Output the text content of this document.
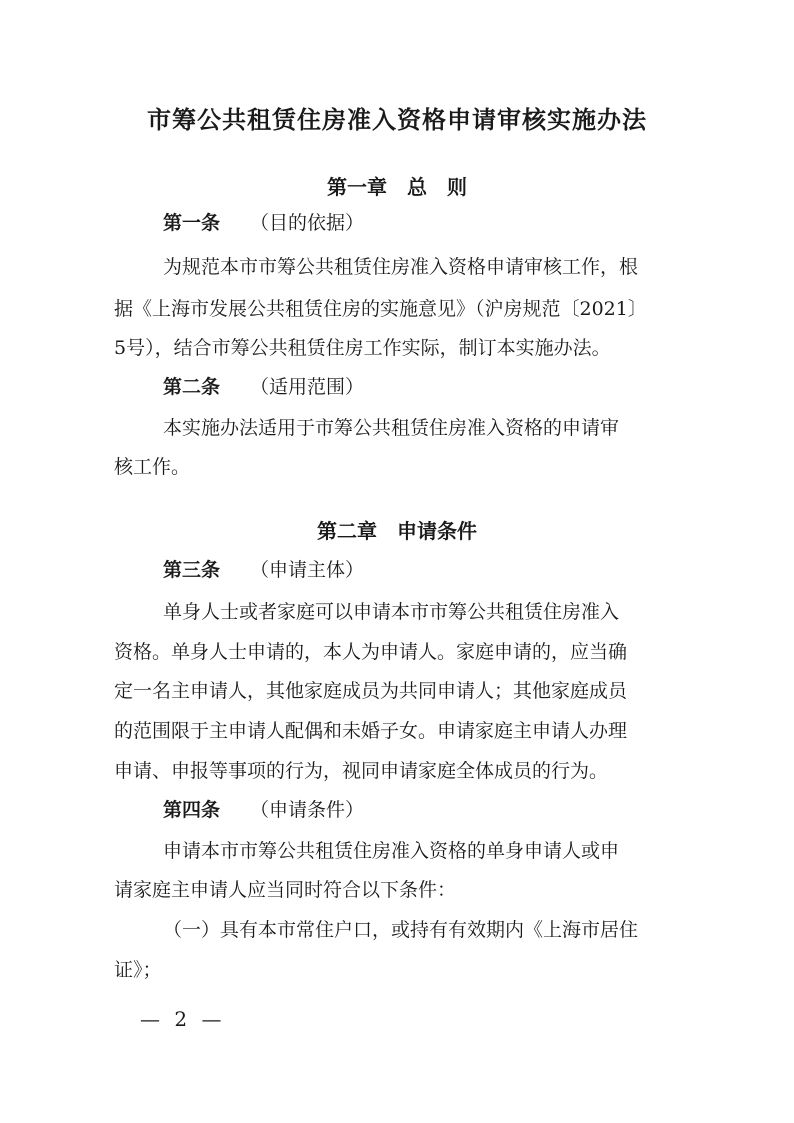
市筹公共租赁住房准入资格申请审核实施办法
第一章　总　则
第一条 （目的依据）
为规范本市市筹公共租赁住房准入资格申请审核工作，根
据《上海市发展公共租赁住房的实施意见》（沪房规范〔2021〕
5号），结合市筹公共租赁住房工作实际，制订本实施办法。
第二条 （适用范围）
本实施办法适用于市筹公共租赁住房准入资格的申请审
核工作。
第二章　申请条件
第三条 （申请主体）
单身人士或者家庭可以申请本市市筹公共租赁住房准入
资格。单身人士申请的，本人为申请人。家庭申请的，应当确
定一名主申请人，其他家庭成员为共同申请人；其他家庭成员
的范围限于主申请人配偶和未婚子女。申请家庭主申请人办理
申请、申报等事项的行为，视同申请家庭全体成员的行为。
第四条 （申请条件）
申请本市市筹公共租赁住房准入资格的单身申请人或申
请家庭主申请人应当同时符合以下条件：
（一）具有本市常住户口，或持有有效期内《上海市居住
证》；
— 2 —
